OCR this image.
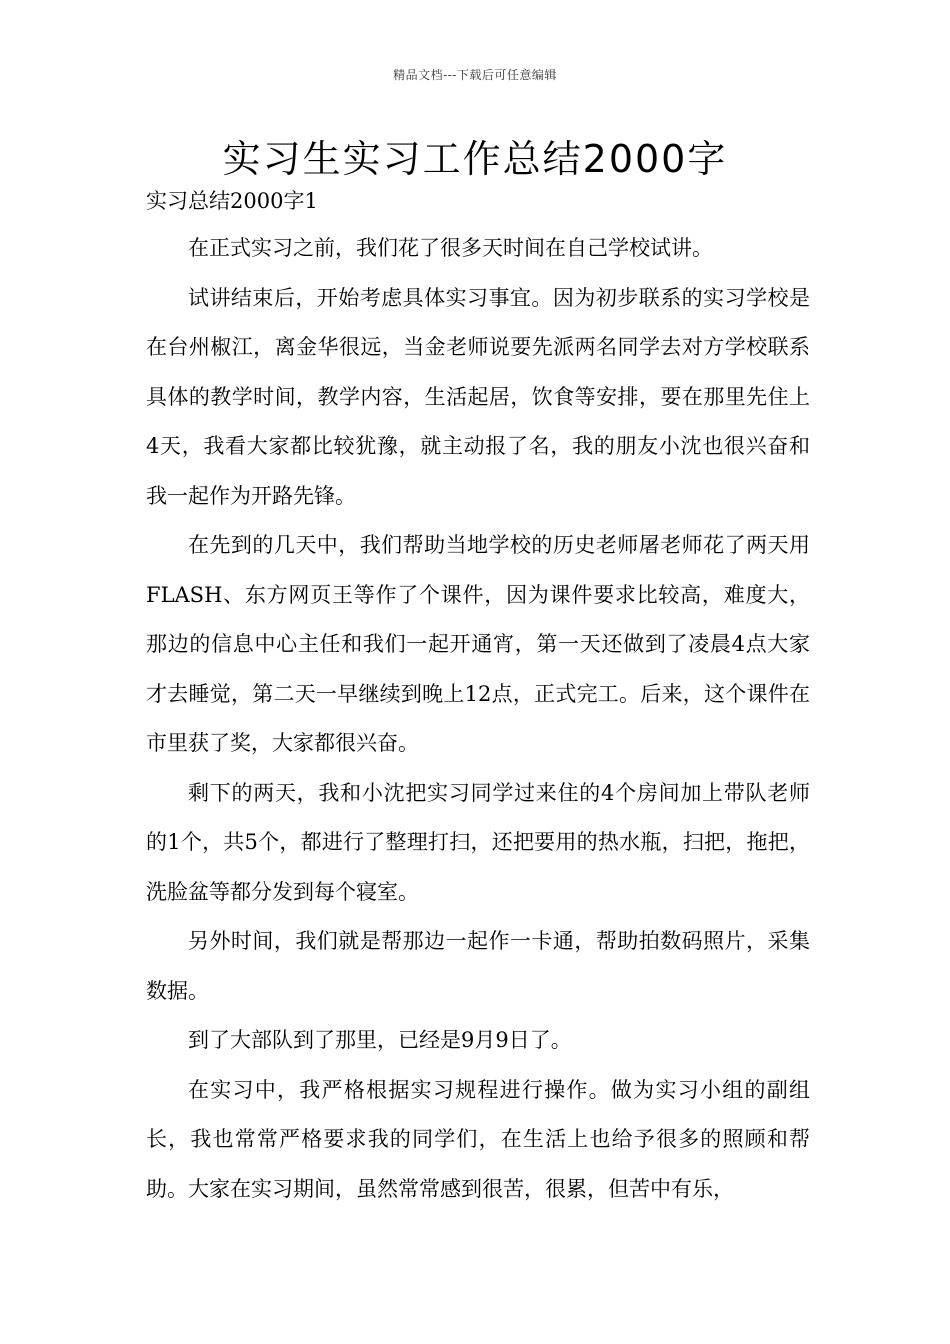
精品文档---下载后可任意编辑
实习生实习工作总结2000字

实习总结2000字1

在正式实习之前，我们花了很多天时间在自己学校试讲。

试讲结束后，开始考虑具体实习事宜。因为初步联系的实习学校是在台州椒江，离金华很远，当金老师说要先派两名同学去对方学校联系具体的教学时间，教学内容，生活起居，饮食等安排，要在那里先住上4天，我看大家都比较犹豫，就主动报了名，我的朋友小沈也很兴奋和我一起作为开路先锋。

在先到的几天中，我们帮助当地学校的历史老师屠老师花了两天用FLASH、东方网页王等作了个课件，因为课件要求比较高，难度大，那边的信息中心主任和我们一起开通宵，第一天还做到了凌晨4点大家才去睡觉，第二天一早继续到晚上12点，正式完工。后来，这个课件在市里获了奖，大家都很兴奋。

剩下的两天，我和小沈把实习同学过来住的4个房间加上带队老师的1个，共5个，都进行了整理打扫，还把要用的热水瓶，扫把，拖把，洗脸盆等都分发到每个寝室。

另外时间，我们就是帮那边一起作一卡通，帮助拍数码照片，采集数据。

到了大部队到了那里，已经是9月9日了。

在实习中，我严格根据实习规程进行操作。做为实习小组的副组长，我也常常严格要求我的同学们，在生活上也给予很多的照顾和帮助。大家在实习期间，虽然常常感到很苦，很累，但苦中有乐，
